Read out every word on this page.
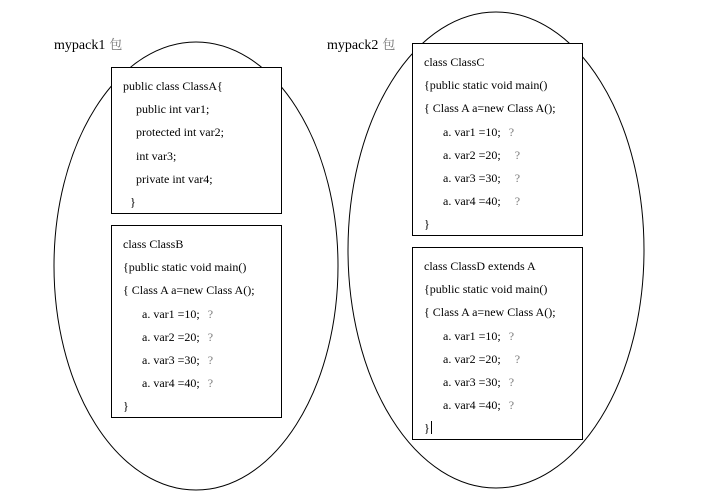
mypack1 包	mypack2 包
public class ClassA{
public int var1;
protected int var2;
int var3;
private int var4;
}
class ClassB
{public static void main()
{ Class A a=new Class A();
a. var1 =10; ?
a. var2 =20; ?
a. var3 =30; ?
a. var4 =40; ?
}
class ClassC
{public static void main()
{ Class A a=new Class A();
a. var1 =10; ?
a. var2 =20; ?
a. var3 =30; ?
a. var4 =40; ?
}
class ClassD extends A
{public static void main()
{ Class A a=new Class A();
a. var1 =10; ?
a. var2 =20; ?
a. var3 =30; ?
a. var4 =40; ?
}
